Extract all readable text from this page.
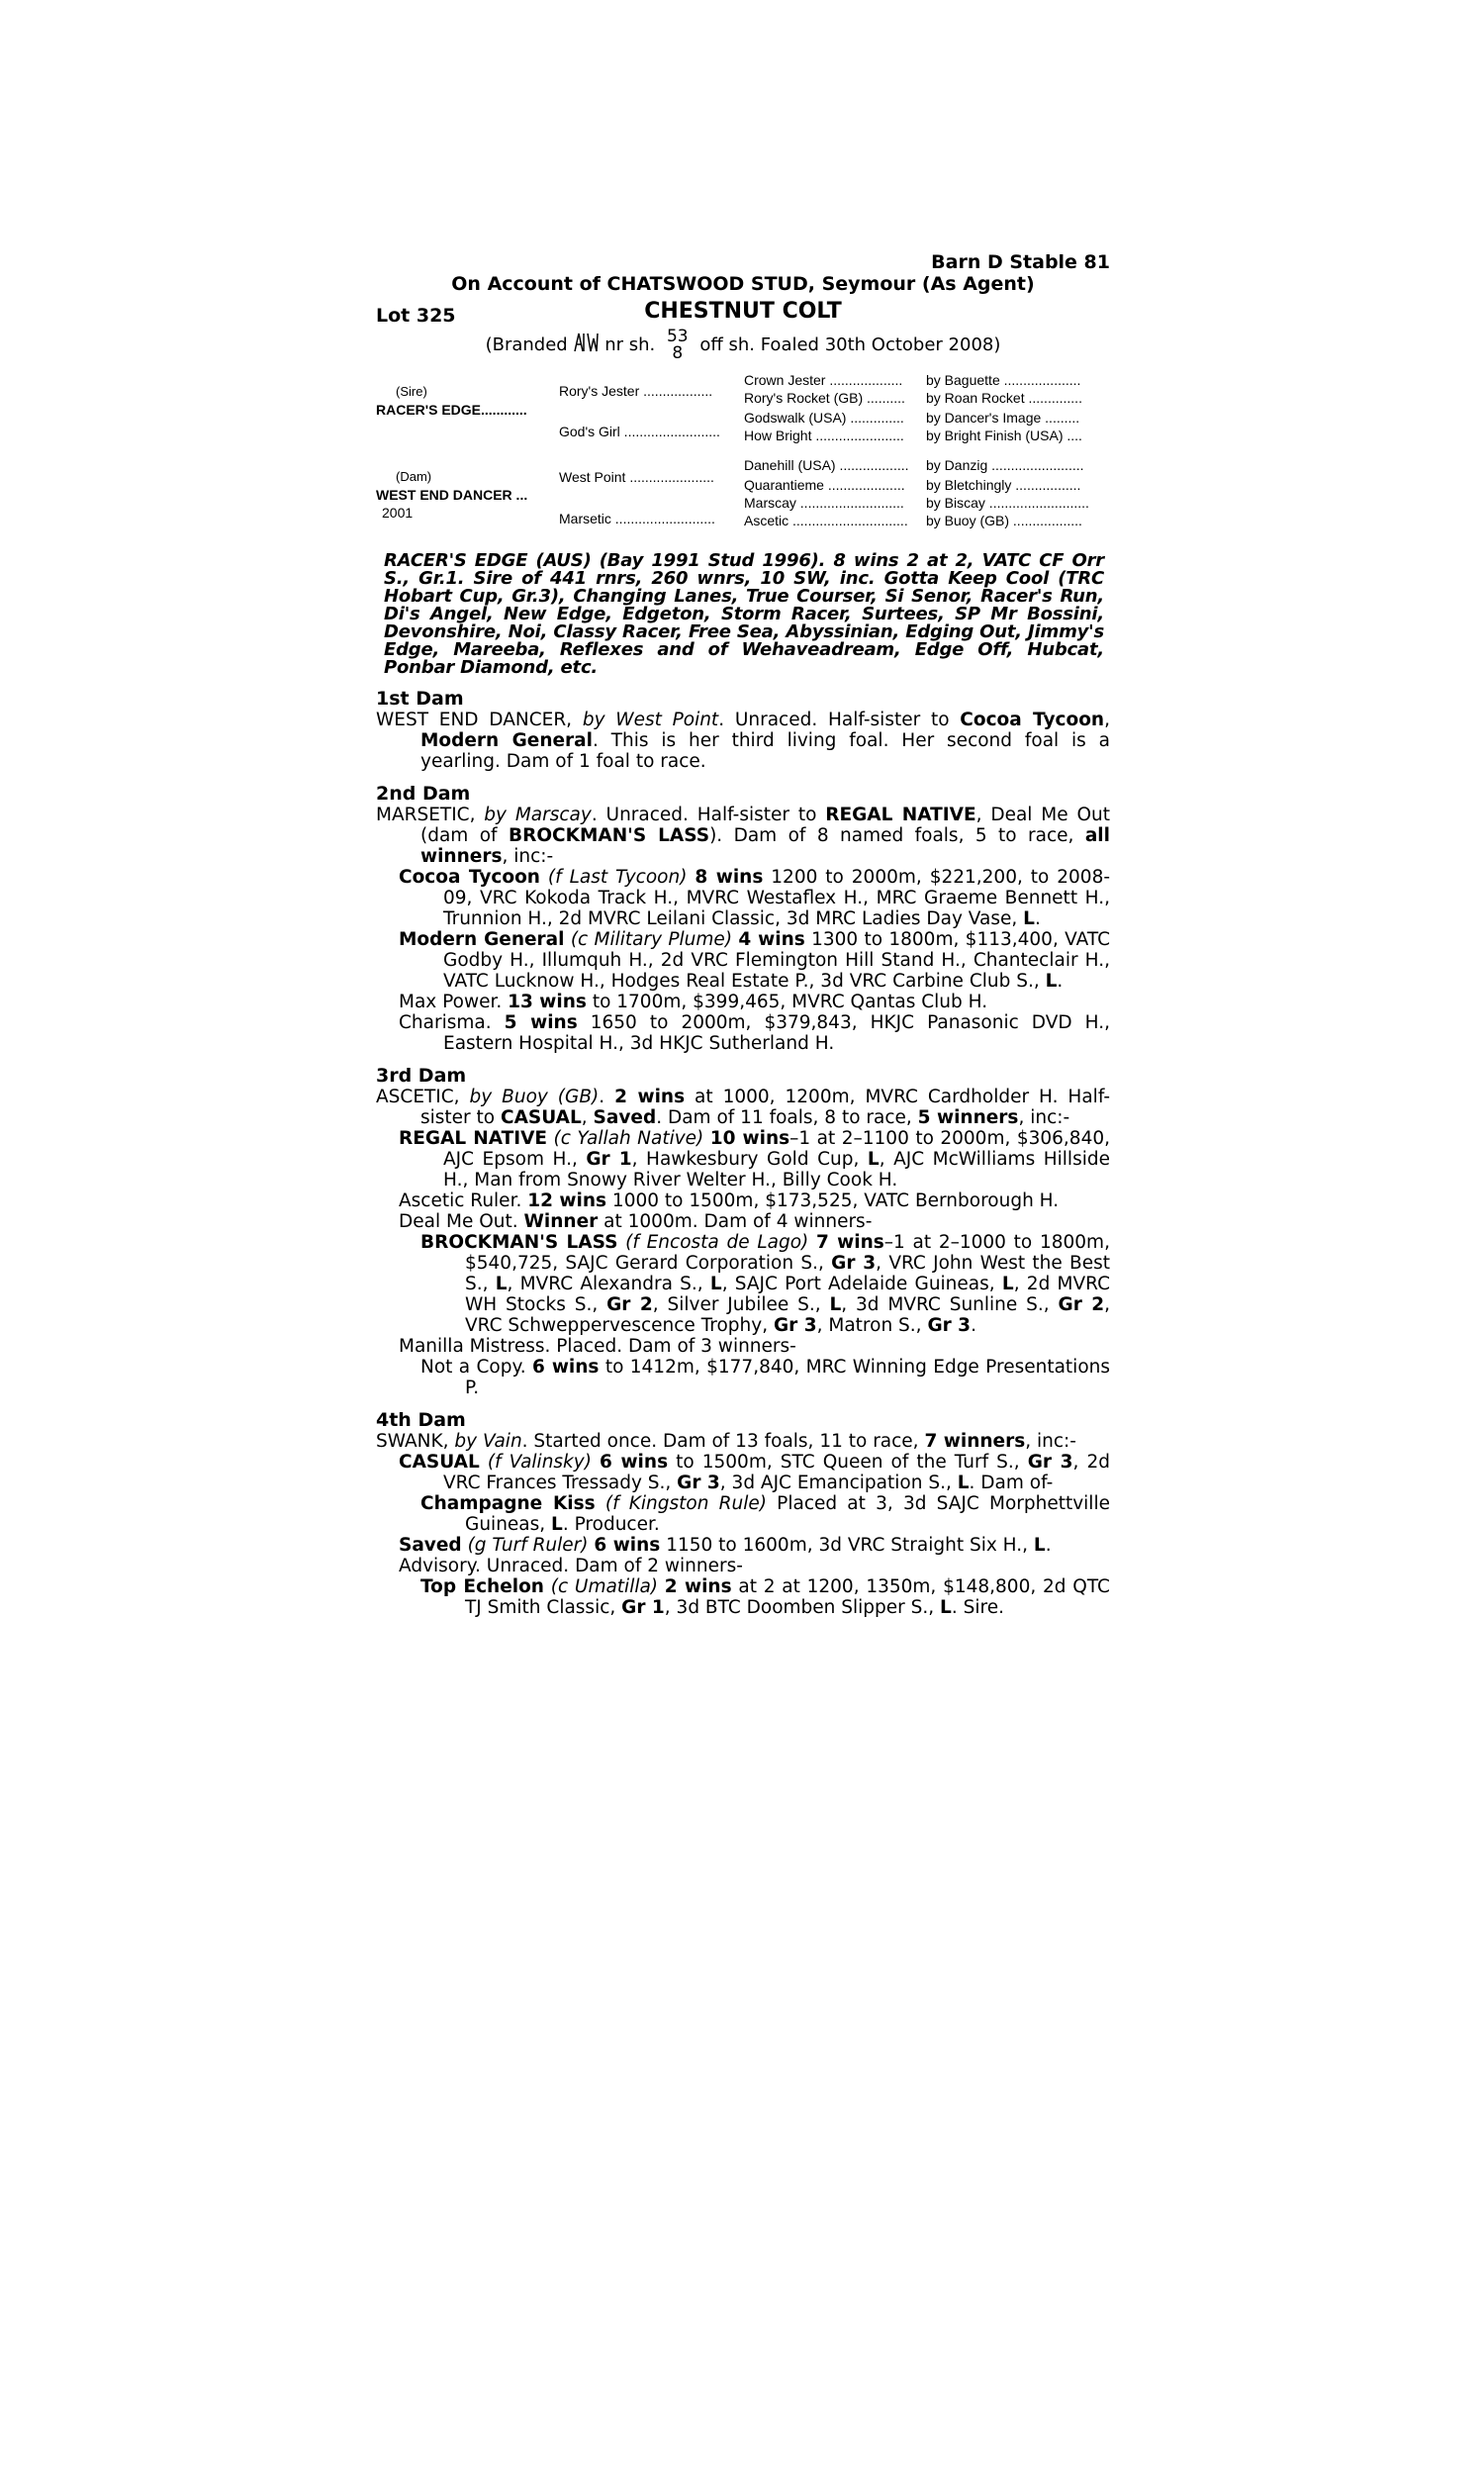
Barn D Stable 81
On Account of CHATSWOOD STUD, Seymour (As Agent)
Lot 325	CHESTNUT COLT
(Branded nr sh. 53
8 off sh. Foaled 30th October 2008)
(Sire)
RACER'S EDGE............
(Dam)
WEST END DANCER ...
2001
Rory's Jester ..................
God's Girl .........................
West Point ......................
Marsetic ..........................
Crown Jester ...................
Rory's Rocket (GB) ..........
Godswalk (USA) ..............
How Bright .......................
Danehill (USA) ..................
Quarantieme ....................
Marscay ...........................
Ascetic ..............................
by Baguette ....................
by Roan Rocket ..............
by Dancer's Image .........
by Bright Finish (USA) ....
by Danzig ........................
by Bletchingly .................
by Biscay ..........................
by Buoy (GB) ..................
RACER'S EDGE (AUS) (Bay 1991 Stud 1996). 8 wins 2 at 2, VATC CF Orr S., Gr.1. Sire of 441 rnrs, 260 wnrs, 10 SW, inc. Gotta Keep Cool (TRC Hobart Cup, Gr.3), Changing Lanes, True Courser, Si Senor, Racer's Run, Di's Angel, New Edge, Edgeton, Storm Racer, Surtees, SP Mr Bossini, Devonshire, Noi, Classy Racer, Free Sea, Abyssinian, Edging Out, Jimmy's Edge, Mareeba, Reflexes and of Wehaveadream, Edge Off, Hubcat, Ponbar Diamond, etc.
1st Dam

WEST END DANCER, by West Point. Unraced. Half-sister to Cocoa Tycoon, Modern General. This is her third living foal. Her second foal is a yearling. Dam of 1 foal to race.

2nd Dam

MARSETIC, by Marscay. Unraced. Half-sister to REGAL NATIVE, Deal Me Out (dam of BROCKMAN'S LASS). Dam of 8 named foals, 5 to race, all winners, inc:-

Cocoa Tycoon (f Last Tycoon) 8 wins 1200 to 2000m, $221,200, to 2008-09, VRC Kokoda Track H., MVRC Westaflex H., MRC Graeme Bennett H., Trunnion H., 2d MVRC Leilani Classic, 3d MRC Ladies Day Vase, L.

Modern General (c Military Plume) 4 wins 1300 to 1800m, $113,400, VATC Godby H., Illumquh H., 2d VRC Flemington Hill Stand H., Chanteclair H., VATC Lucknow H., Hodges Real Estate P., 3d VRC Carbine Club S., L.

Max Power. 13 wins to 1700m, $399,465, MVRC Qantas Club H.

Charisma. 5 wins 1650 to 2000m, $379,843, HKJC Panasonic DVD H., Eastern Hospital H., 3d HKJC Sutherland H.

3rd Dam

ASCETIC, by Buoy (GB). 2 wins at 1000, 1200m, MVRC Cardholder H. Half-sister to CASUAL, Saved. Dam of 11 foals, 8 to race, 5 winners, inc:-

REGAL NATIVE (c Yallah Native) 10 wins–1 at 2–1100 to 2000m, $306,840, AJC Epsom H., Gr 1, Hawkesbury Gold Cup, L, AJC McWilliams Hillside H., Man from Snowy River Welter H., Billy Cook H.

Ascetic Ruler. 12 wins 1000 to 1500m, $173,525, VATC Bernborough H.

Deal Me Out. Winner at 1000m. Dam of 4 winners-

BROCKMAN'S LASS (f Encosta de Lago) 7 wins–1 at 2–1000 to 1800m, $540,725, SAJC Gerard Corporation S., Gr 3, VRC John West the Best S., L, MVRC Alexandra S., L, SAJC Port Adelaide Guineas, L, 2d MVRC WH Stocks S., Gr 2, Silver Jubilee S., L, 3d MVRC Sunline S., Gr 2, VRC Schweppervescence Trophy, Gr 3, Matron S., Gr 3.

Manilla Mistress. Placed. Dam of 3 winners-

Not a Copy. 6 wins to 1412m, $177,840, MRC Winning Edge Presentations P.

4th Dam

SWANK, by Vain. Started once. Dam of 13 foals, 11 to race, 7 winners, inc:-

CASUAL (f Valinsky) 6 wins to 1500m, STC Queen of the Turf S., Gr 3, 2d VRC Frances Tressady S., Gr 3, 3d AJC Emancipation S., L. Dam of-

Champagne Kiss (f Kingston Rule) Placed at 3, 3d SAJC Morphettville Guineas, L. Producer.

Saved (g Turf Ruler) 6 wins 1150 to 1600m, 3d VRC Straight Six H., L.

Advisory. Unraced. Dam of 2 winners-

Top Echelon (c Umatilla) 2 wins at 2 at 1200, 1350m, $148,800, 2d QTC TJ Smith Classic, Gr 1, 3d BTC Doomben Slipper S., L. Sire.
